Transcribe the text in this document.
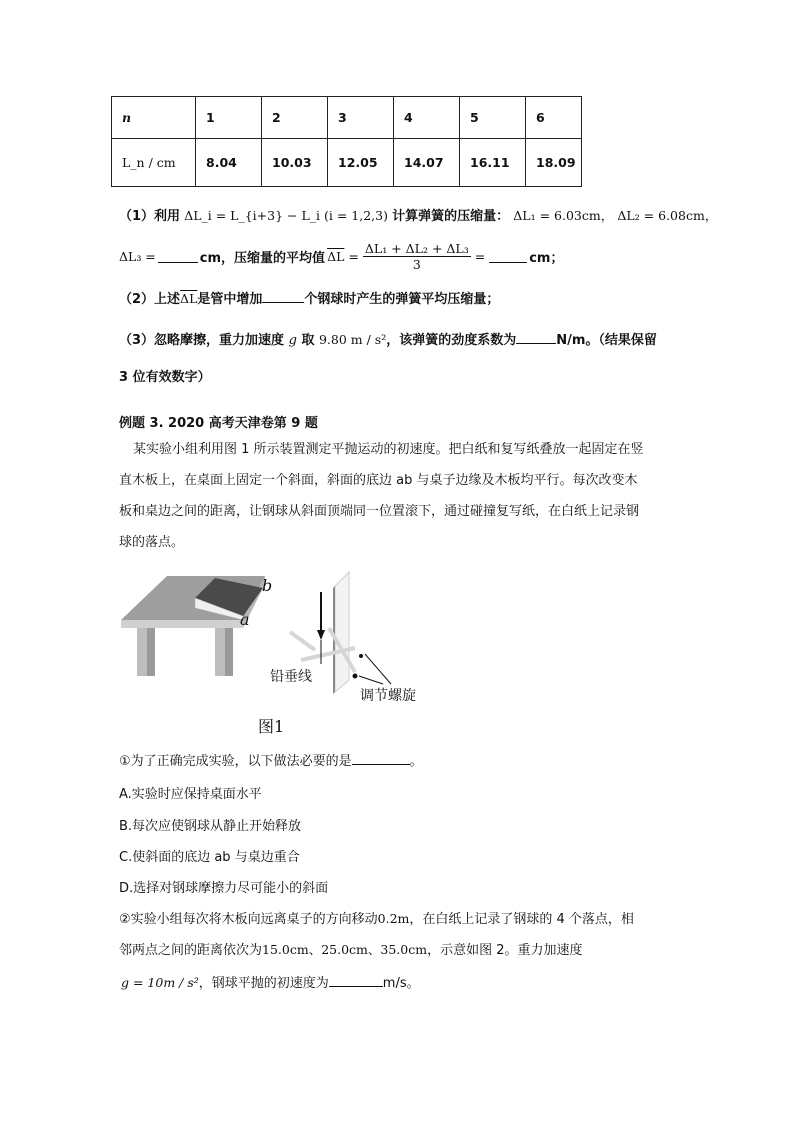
n	1	2	3	4	5	6
L_n / cm	8.04	10.03	12.05	14.07	16.11	18.09
（1）利用 ΔL_i = L_{i+3} − L_i (i = 1,2,3) 计算弹簧的压缩量： ΔL₁ = 6.03cm， ΔL₂ = 6.08cm，
ΔL₃ =	cm，压缩量的平均值 $\overline{\Delta L} = \frac{\text{ΔL₁ + ΔL₂ + ΔL₃}}{3}$ =	cm；
（2）上述$\overline{\Delta L}$是管中增加	个钢球时产生的弹簧平均压缩量；
（3）忽略摩擦，重力加速度 g 取 9.80 m / s²，该弹簧的劲度系数为	N/m。（结果保留
3 位有效数字）
例题 3. 2020 高考天津卷第 9 题
某实验小组利用图 1 所示装置测定平抛运动的初速度。把白纸和复写纸叠放一起固定在竖
直木板上，在桌面上固定一个斜面，斜面的底边 ab 与桌子边缘及木板均平行。每次改变木
板和桌边之间的距离，让钢球从斜面顶端同一位置滚下，通过碰撞复写纸，在白纸上记录钢
球的落点。
b
a
铅垂线
调节螺旋
图1
①为了正确完成实验，以下做法必要的是	。
A.实验时应保持桌面水平
B.每次应使钢球从静止开始释放
C.使斜面的底边 ab 与桌边重合
D.选择对钢球摩擦力尽可能小的斜面
②实验小组每次将木板向远离桌子的方向移动0.2m，在白纸上记录了钢球的 4 个落点，相
邻两点之间的距离依次为15.0cm、25.0cm、35.0cm，示意如图 2。重力加速度
g = 10m / s²，钢球平抛的初速度为	m/s。
